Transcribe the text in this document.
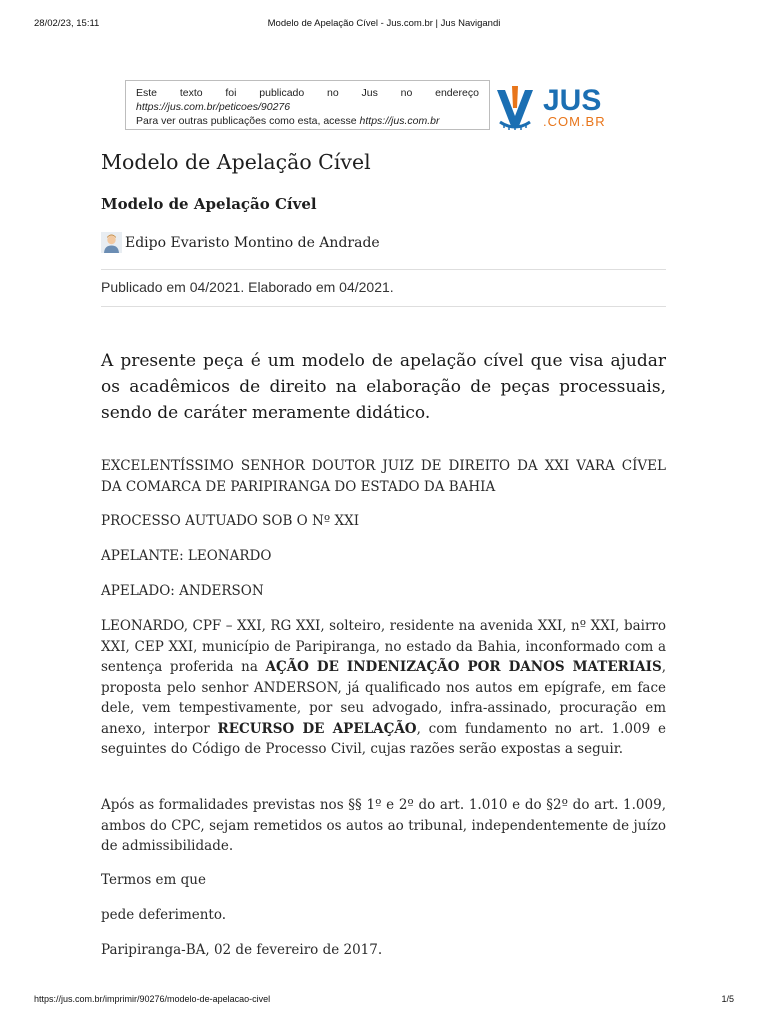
28/02/23, 15:11	Modelo de Apelação Cível - Jus.com.br | Jus Navigandi
Este texto foi publicado no Jus no endereço
https://jus.com.br/peticoes/90276
Para ver outras publicações como esta, acesse https://jus.com.br
JUS
.COM.BR
Modelo de Apelação Cível
Modelo de Apelação Cível
Edipo Evaristo Montino de Andrade
Publicado em 04/2021. Elaborado em 04/2021.

A presente peça é um modelo de apelação cível que visa ajudar os acadêmicos de direito na elaboração de peças processuais, sendo de caráter meramente didático.

EXCELENTÍSSIMO SENHOR DOUTOR JUIZ DE DIREITO DA XXI VARA CÍVEL DA COMARCA DE PARIPIRANGA DO ESTADO DA BAHIA

PROCESSO AUTUADO SOB O Nº XXI

APELANTE: LEONARDO

APELADO: ANDERSON

LEONARDO, CPF – XXI, RG XXI, solteiro, residente na avenida XXI, nº XXI, bairro XXI, CEP XXI, município de Paripiranga, no estado da Bahia, inconformado com a sentença proferida na AÇÃO DE INDENIZAÇÃO POR DANOS MATERIAIS, proposta pelo senhor ANDERSON, já qualificado nos autos em epígrafe, em face dele, vem tempestivamente, por seu advogado, infra-assinado, procuração em anexo, interpor RECURSO DE APELAÇÃO, com fundamento no art. 1.009 e seguintes do Código de Processo Civil, cujas razões serão expostas a seguir.

Após as formalidades previstas nos §§ 1º e 2º do art. 1.010 e do §2º do art. 1.009, ambos do CPC, sejam remetidos os autos ao tribunal, independentemente de juízo de admissibilidade.

Termos em que

pede deferimento.

Paripiranga-BA, 02 de fevereiro de 2017.

https://jus.com.br/imprimir/90276/modelo-de-apelacao-civel	1/5
